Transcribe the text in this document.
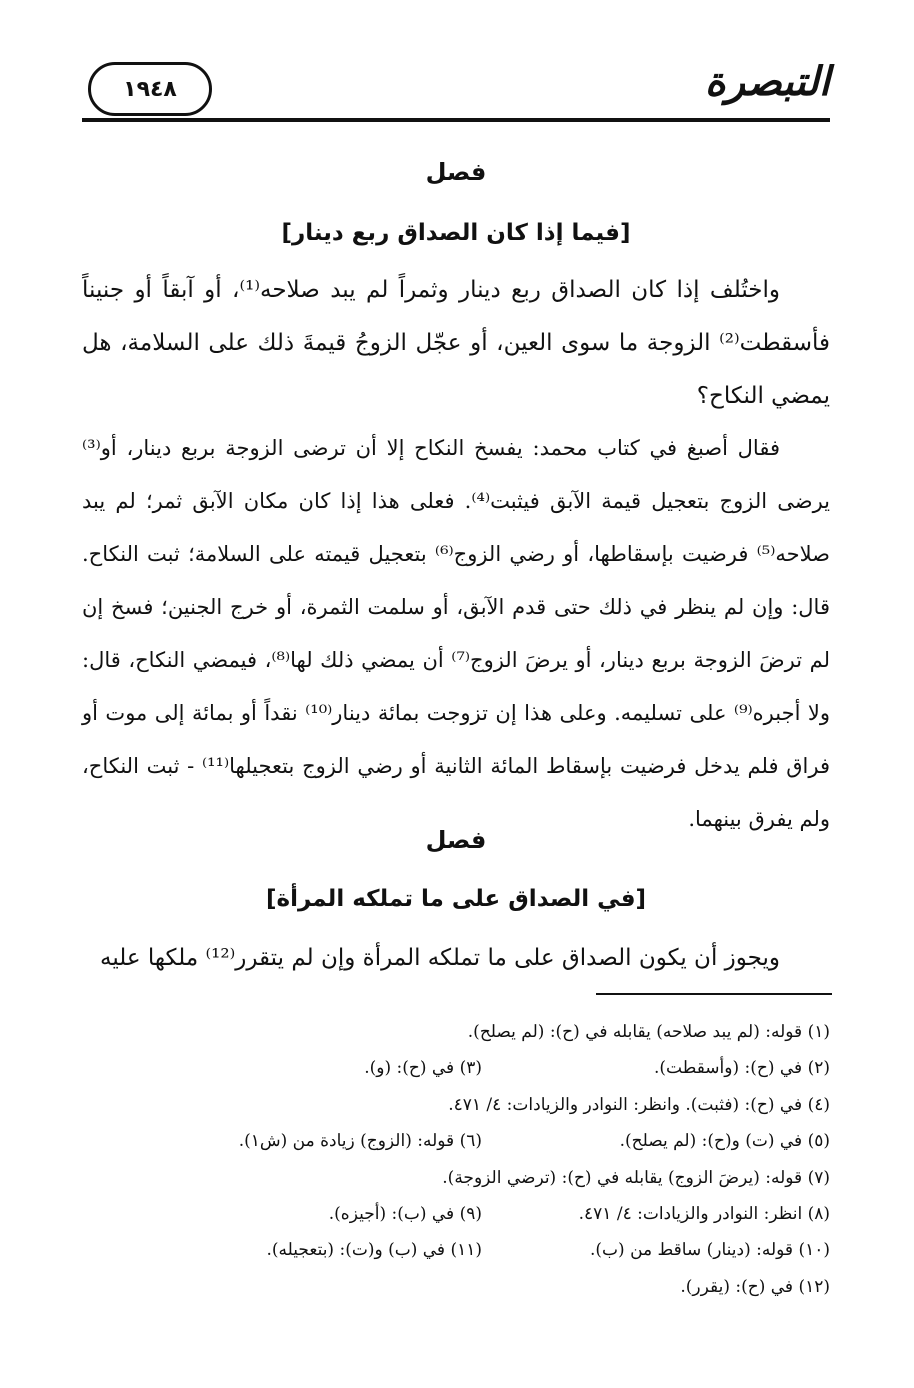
التبصرة
١٩٤٨
فصل
[فيما إذا كان الصداق ربع دينار]

واختُلف إذا كان الصداق ربع دينار وثمراً لم يبد صلاحه⁽¹⁾، أو آبقاً أو جنيناً فأسقطت⁽²⁾ الزوجة ما سوى العين، أو عجّل الزوجُ قيمةَ ذلك على السلامة، هل يمضي النكاح؟

فقال أصبغ في كتاب محمد: يفسخ النكاح إلا أن ترضى الزوجة بربع دينار، أو⁽³⁾ يرضى الزوج بتعجيل قيمة الآبق فيثبت⁽⁴⁾. فعلى هذا إذا كان مكان الآبق ثمر؛ لم يبد صلاحه⁽⁵⁾ فرضيت بإسقاطها، أو رضي الزوج⁽⁶⁾ بتعجيل قيمته على السلامة؛ ثبت النكاح. قال: وإن لم ينظر في ذلك حتى قدم الآبق، أو سلمت الثمرة، أو خرج الجنين؛ فسخ إن لم ترضَ الزوجة بربع دينار، أو يرضَ الزوج⁽⁷⁾ أن يمضي ذلك لها⁽⁸⁾، فيمضي النكاح، قال: ولا أجبره⁽⁹⁾ على تسليمه. وعلى هذا إن تزوجت بمائة دينار⁽¹⁰⁾ نقداً أو بمائة إلى موت أو فراق فلم يدخل فرضيت بإسقاط المائة الثانية أو رضي الزوج بتعجيلها⁽¹¹⁾ - ثبت النكاح، ولم يفرق بينهما.

فصل
[في الصداق على ما تملكه المرأة]

ويجوز أن يكون الصداق على ما تملكه المرأة وإن لم يتقرر⁽¹²⁾ ملكها عليه

(١) قوله: (لم يبد صلاحه) يقابله في (ح): (لم يصلح).
(٢) في (ح): (وأسقطت).
(٣) في (ح): (و).
(٤) في (ح): (فثبت). وانظر: النوادر والزيادات: ٤/ ٤٧١.
(٥) في (ت) و(ح): (لم يصلح).
(٦) قوله: (الزوج) زيادة من (ش١).
(٧) قوله: (يرضَ الزوج) يقابله في (ح): (ترضي الزوجة).
(٨) انظر: النوادر والزيادات: ٤/ ٤٧١.
(٩) في (ب): (أجيزه).
(١٠) قوله: (دينار) ساقط من (ب).
(١١) في (ب) و(ت): (بتعجيله).
(١٢) في (ح): (يقرر).
